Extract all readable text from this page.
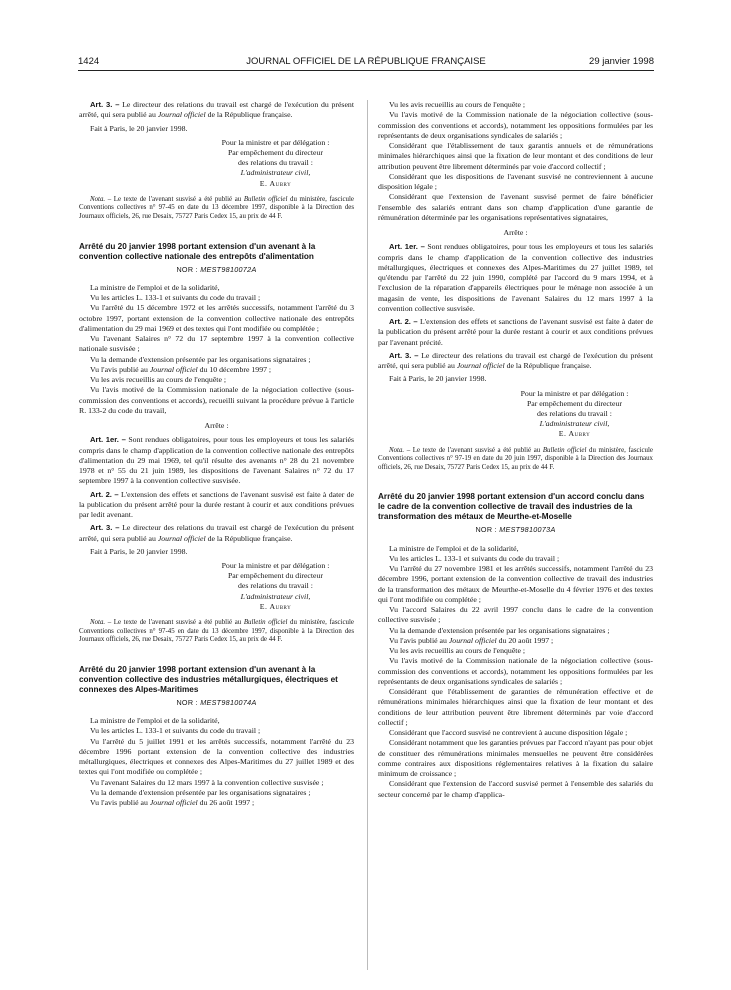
1424	JOURNAL OFFICIEL DE LA RÉPUBLIQUE FRANÇAISE	29 janvier 1998

Art. 3. – Le directeur des relations du travail est chargé de l'exécution du présent arrêté, qui sera publié au Journal officiel de la République française.

Fait à Paris, le 20 janvier 1998.

Pour la ministre et par délégation :
Par empêchement du directeur
des relations du travail :
L'administrateur civil,
E. Aubry

Nota. – Le texte de l'avenant susvisé a été publié au Bulletin officiel du ministère, fascicule Conventions collectives n° 97-45 en date du 13 décembre 1997, disponible à la Direction des Journaux officiels, 26, rue Desaix, 75727 Paris Cedex 15, au prix de 44 F.

Arrêté du 20 janvier 1998 portant extension d'un avenant à la convention collective nationale des entrepôts d'alimentation

NOR : MEST9810072A

La ministre de l'emploi et de la solidarité,

Vu les articles L. 133-1 et suivants du code du travail ;

Vu l'arrêté du 15 décembre 1972 et les arrêtés successifs, notamment l'arrêté du 3 octobre 1997, portant extension de la convention collective nationale des entrepôts d'alimentation du 29 mai 1969 et des textes qui l'ont modifiée ou complétée ;

Vu l'avenant Salaires n° 72 du 17 septembre 1997 à la convention collective nationale susvisée ;

Vu la demande d'extension présentée par les organisations signataires ;

Vu l'avis publié au Journal officiel du 10 décembre 1997 ;

Vu les avis recueillis au cours de l'enquête ;

Vu l'avis motivé de la Commission nationale de la négociation collective (sous-commission des conventions et accords), recueilli suivant la procédure prévue à l'article R. 133-2 du code du travail,

Arrête :

Art. 1er. – Sont rendues obligatoires, pour tous les employeurs et tous les salariés compris dans le champ d'application de la convention collective nationale des entrepôts d'alimentation du 29 mai 1969, tel qu'il résulte des avenants n° 28 du 21 novembre 1978 et n° 55 du 21 juin 1989, les dispositions de l'avenant Salaires n° 72 du 17 septembre 1997 à la convention collective susvisée.

Art. 2. – L'extension des effets et sanctions de l'avenant susvisé est faite à dater de la publication du présent arrêté pour la durée restant à courir et aux conditions prévues par ledit avenant.

Art. 3. – Le directeur des relations du travail est chargé de l'exécution du présent arrêté, qui sera publié au Journal officiel de la République française.

Fait à Paris, le 20 janvier 1998.

Pour la ministre et par délégation :
Par empêchement du directeur
des relations du travail :
L'administrateur civil,
E. Aubry

Nota. – Le texte de l'avenant susvisé a été publié au Bulletin officiel du ministère, fascicule Conventions collectives n° 97-45 en date du 13 décembre 1997, disponible à la Direction des Journaux officiels, 26, rue Desaix, 75727 Paris Cedex 15, au prix de 44 F.

Arrêté du 20 janvier 1998 portant extension d'un avenant à la convention collective des industries métallurgiques, électriques et connexes des Alpes-Maritimes

NOR : MEST9810074A

La ministre de l'emploi et de la solidarité,

Vu les articles L. 133-1 et suivants du code du travail ;

Vu l'arrêté du 5 juillet 1991 et les arrêtés successifs, notamment l'arrêté du 23 décembre 1996 portant extension de la convention collective des industries métallurgiques, électriques et connexes des Alpes-Maritimes du 27 juillet 1989 et des textes qui l'ont modifiée ou complétée ;

Vu l'avenant Salaires du 12 mars 1997 à la convention collective susvisée ;

Vu la demande d'extension présentée par les organisations signataires ;

Vu l'avis publié au Journal officiel du 26 août 1997 ;

Vu les avis recueillis au cours de l'enquête ;

Vu l'avis motivé de la Commission nationale de la négociation collective (sous-commission des conventions et accords), notamment les oppositions formulées par les représentants de deux organisations syndicales de salariés ;

Considérant que l'établissement de taux garantis annuels et de rémunérations minimales hiérarchiques ainsi que la fixation de leur montant et des conditions de leur attribution peuvent être librement déterminés par voie d'accord collectif ;

Considérant que les dispositions de l'avenant susvisé ne contreviennent à aucune disposition légale ;

Considérant que l'extension de l'avenant susvisé permet de faire bénéficier l'ensemble des salariés entrant dans son champ d'application d'une garantie de rémunération déterminée par les organisations représentatives signataires,

Arrête :

Art. 1er. – Sont rendues obligatoires, pour tous les employeurs et tous les salariés compris dans le champ d'application de la convention collective des industries métallurgiques, électriques et connexes des Alpes-Maritimes du 27 juillet 1989, tel qu'étendu par l'arrêté du 22 juin 1990, complété par l'accord du 9 mars 1994, et à l'exclusion de la réparation d'appareils électriques pour le ménage non associée à un magasin de vente, les dispositions de l'avenant Salaires du 12 mars 1997 à la convention collective susvisée.

Art. 2. – L'extension des effets et sanctions de l'avenant susvisé est faite à dater de la publication du présent arrêté pour la durée restant à courir et aux conditions prévues par l'avenant précité.

Art. 3. – Le directeur des relations du travail est chargé de l'exécution du présent arrêté, qui sera publié au Journal officiel de la République française.

Fait à Paris, le 20 janvier 1998.

Pour la ministre et par délégation :
Par empêchement du directeur
des relations du travail :
L'administrateur civil,
E. Aubry

Nota. – Le texte de l'avenant susvisé a été publié au Bulletin officiel du ministère, fascicule Conventions collectives n° 97-19 en date du 20 juin 1997, disponible à la Direction des Journaux officiels, 26, rue Desaix, 75727 Paris Cedex 15, au prix de 44 F.

Arrêté du 20 janvier 1998 portant extension d'un accord conclu dans le cadre de la convention collective de travail des industries de la transformation des métaux de Meurthe-et-Moselle

NOR : MEST9810073A

La ministre de l'emploi et de la solidarité,

Vu les articles L. 133-1 et suivants du code du travail ;

Vu l'arrêté du 27 novembre 1981 et les arrêtés successifs, notamment l'arrêté du 23 décembre 1996, portant extension de la convention collective de travail des industries de la transformation des métaux de Meurthe-et-Moselle du 4 février 1976 et des textes qui l'ont modifiée ou complétée ;

Vu l'accord Salaires du 22 avril 1997 conclu dans le cadre de la convention collective susvisée ;

Vu la demande d'extension présentée par les organisations signataires ;

Vu l'avis publié au Journal officiel du 20 août 1997 ;

Vu les avis recueillis au cours de l'enquête ;

Vu l'avis motivé de la Commission nationale de la négociation collective (sous-commission des conventions et accords), notamment les oppositions formulées par les représentants de deux organisations syndicales de salariés ;

Considérant que l'établissement de garanties de rémunération effective et de rémunérations minimales hiérarchiques ainsi que la fixation de leur montant et des conditions de leur attribution peuvent être librement déterminés par voie d'accord collectif ;

Considérant que l'accord susvisé ne contrevient à aucune disposition légale ;

Considérant notamment que les garanties prévues par l'accord n'ayant pas pour objet de constituer des rémunérations minimales mensuelles ne peuvent être considérées comme contraires aux dispositions réglementaires relatives à la fixation du salaire minimum de croissance ;

Considérant que l'extension de l'accord susvisé permet à l'ensemble des salariés du secteur concerné par le champ d'applica-
